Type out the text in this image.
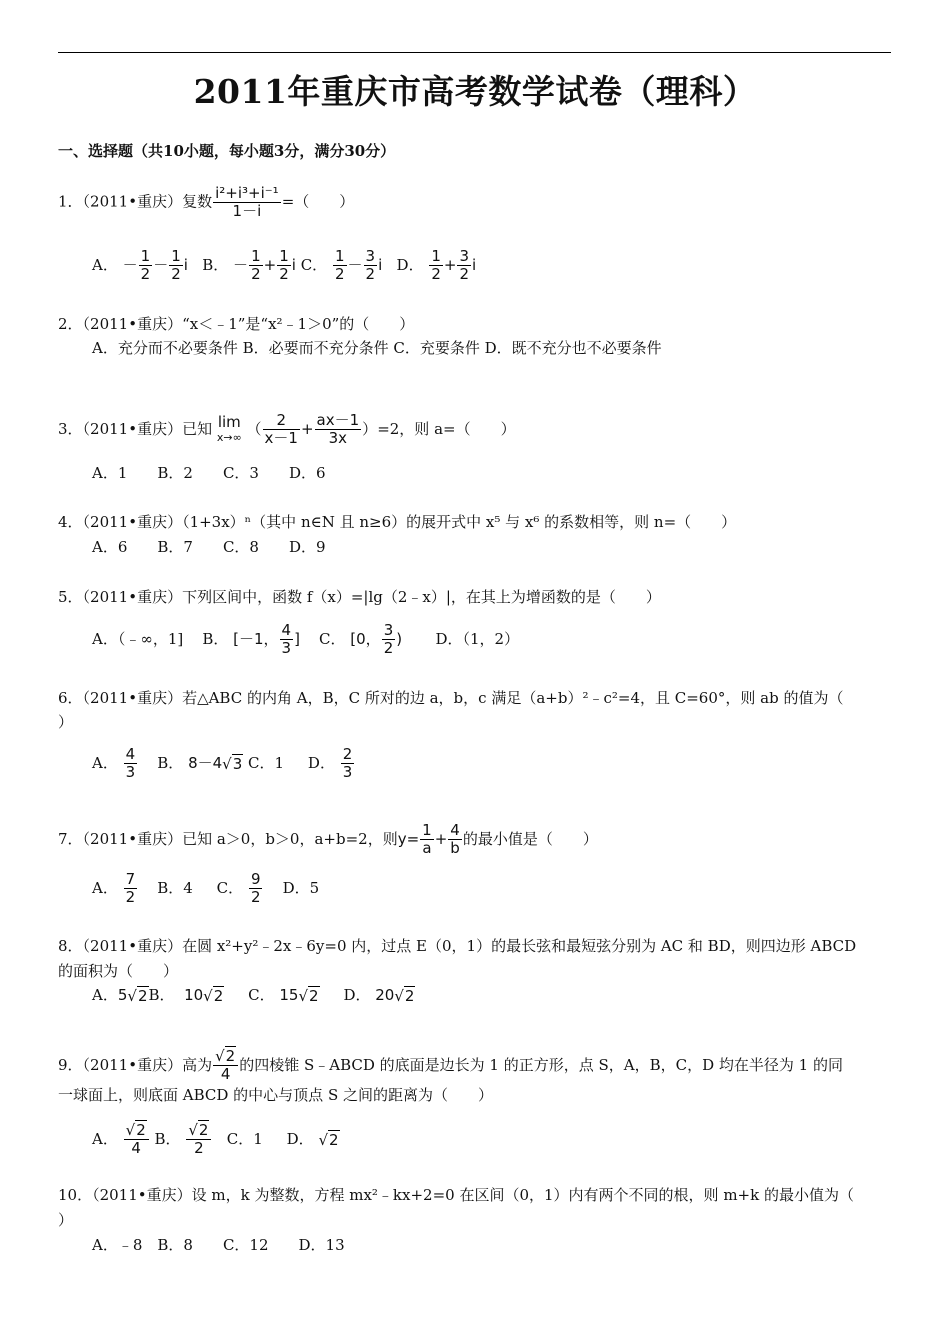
2011年重庆市高考数学试卷（理科）
一、选择题（共10小题，每小题3分，满分30分）
1．（2011•重庆）复数 $\frac{\text{i²+i³+i⁻¹}}{1-i}$ =（　　）
A． － $\frac{1}{2} - \frac{1}{2}$ i B． － $\frac{1}{2} + \frac{1}{2}$ i C． $\frac{1}{2} - \frac{3}{2}$ i D． $\frac{1}{2} + \frac{3}{2}$ i
2．（2011•重庆）“x＜﹣1”是“x²﹣1＞0”的（　　）
A．充分而不必要条件 B．必要而不充分条件 C．充要条件 D．既不充分也不必要条件
3．（2011•重庆）已知 lim
x→∞ （ $\frac{2}{x-1} + \frac{ax-1}{3x} )=2$，则 a=（　　）
A．1　　B．2　　C．3　　D．6
4．（2011•重庆）（1+3x）ⁿ（其中 n∈N 且 n≥6）的展开式中 x⁵ 与 x⁶ 的系数相等，则 n=（　　）
A．6　　B．7　　C．8　　D．9
5．（2011•重庆）下列区间中，函数 f（x）=|lg（2﹣x）|，在其上为增函数的是（　　）
A．（﹣∞，1] B． [－1， $\frac{4}{3}$ ] C． [0， $\frac{3}{2}$ ) D．（1，2）
6．（2011•重庆）若△ABC 的内角 A，B，C 所对的边 a，b，c 满足（a+b）²﹣c²=4，且 C=60°，则 ab 的值为（
）
A． $\frac{4}{3}$ B． 8－4√3 C．1 D． $\frac{2}{3}$
7．（2011•重庆）已知 a＞0，b＞0，a+b=2，则$y= \frac{1}{a} + \frac{4}{b}$ 的最小值是（　　）
A． $\frac{7}{2}$ B．4 C． $\frac{9}{2}$ D．5
8．（2011•重庆）在圆 x²+y²﹣2x﹣6y=0 内，过点 E（0，1）的最长弦和最短弦分别为 AC 和 BD，则四边形 ABCD
的面积为（　　）
A．5√2B． 10√2 C． 15√2 D． 20√2
9．（2011•重庆）高为 $\frac{√2}{4}$ 的四棱锥 S﹣ABCD 的底面是边长为 1 的正方形，点 S，A，B，C，D 均在半径为 1 的同
一球面上，则底面 ABCD 的中心与顶点 S 之间的距离为（　　）
A． $\frac{√2}{4}$ B． $\frac{√2}{2}$ C．1 D． √2
10．（2011•重庆）设 m，k 为整数，方程 mx²﹣kx+2=0 在区间（0，1）内有两个不同的根，则 m+k 的最小值为（
）
A．﹣8　B．8　　C．12　　D．13
